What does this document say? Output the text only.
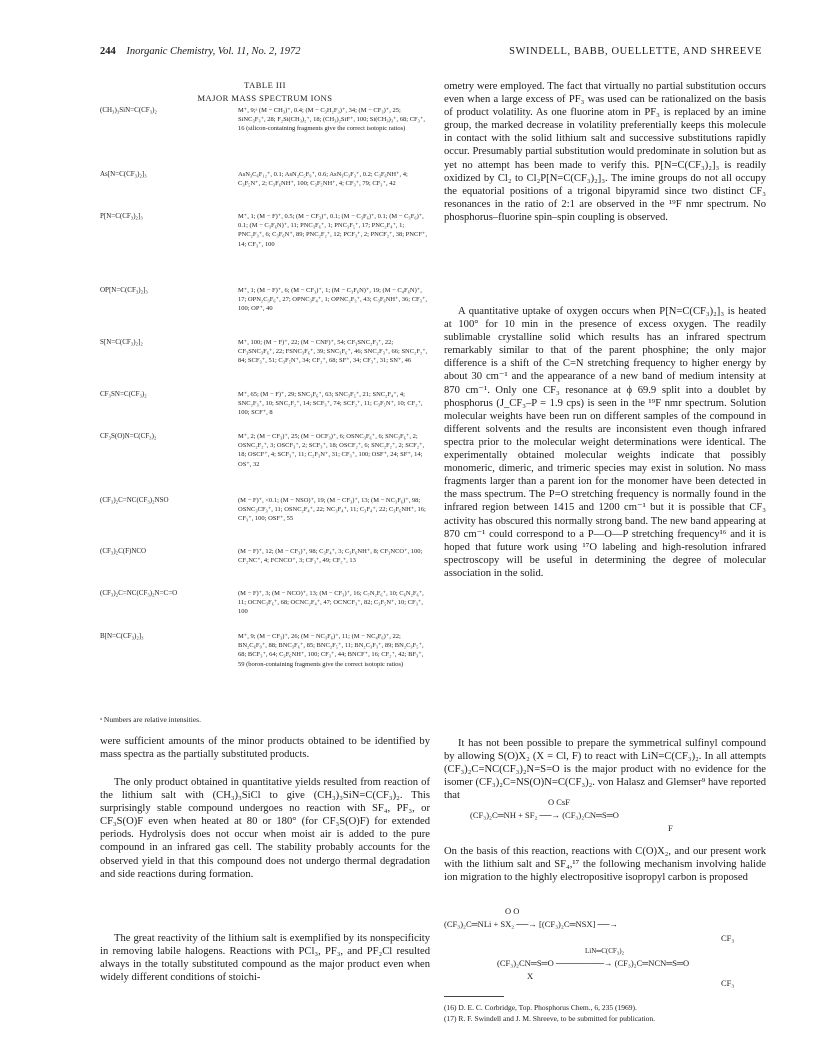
244 Inorganic Chemistry, Vol. 11, No. 2, 1972	SWINDELL, BABB, OUELLETTE, AND SHREEVE
TABLE III
MAJOR MASS SPECTRUM IONS
(CH₃)₃SiN=C(CF₃)₂	M⁺, 9;ᵃ (M − CH₃)⁺, 0.4; (M − C₃H₂F₃)⁺, 34; (M − CF₃)⁺, 25; SiNC₃F₃⁺, 28; F₂Si(CH₃)₂⁺, 18; (CH₃)₂SiF⁺, 100; Si(CH₃)₃⁺, 68; CF₃⁺, 16 (silicon-containing fragments give the correct isotopic ratios)
As[N=C(CF₃)₂]₃	AsN₃C₆F₁₂⁺, 0.1; AsN₂C₅F₉⁺, 0.6; AsN₃C₃F₃⁺, 0.2; C₃F₆NH⁺, 4; C₃F₅N⁺, 2; C₃F₆NH⁺, 100; C₃F₅NH⁺, 4; CF₃⁺, 79; CF₃⁺, 42
P[N=C(CF₃)₂]₃	M⁺, 1; (M − F)⁺, 0.5; (M − CF₃)⁺, 0.1; (M − C₃F₆)⁺, 0.1; (M − C₃F₆)⁺, 0.1; (M − C₃F₆N)⁺, 11; PNC₃F₆⁺, 1; PNC₃F₅⁺, 17; PNC₂F₄⁺, 1; PNC₂F₃⁺, 6; C₃F₆N⁺, 89; PNC₂F₂⁺, 12; PCF₃⁺, 2; PNCF₂⁺, 38; PNCF⁺, 14; CF₃⁺, 100
OP[N=C(CF₃)₂]₃	M⁺, 1; (M − F)⁺, 6; (M − CF₃)⁺, 1; (M − C₃F₆N)⁺, 19; (M − C₄F₆N)⁺, 17; OPN₂C₃F₆⁺, 27; OPNC₃F₄⁺, 1; OPNC₂F₃⁺, 43; C₃F₆NH⁺, 36; CF₃⁺, 100; OP⁺, 40
S[N=C(CF₃)₂]₂	M⁺, 100; (M − F)⁺, 22; (M − CNF)⁺, 54; CF₃SNC₂F₃⁺, 22; CF₃SNC₃F₆⁺, 22; FSNC₃F₆⁺, 39; SNC₃F₆⁺, 46; SNC₂F₃⁺, 66; SNC₂F₂⁺, 84; SCF₃⁺, 51; C₃F₅N⁺, 34; CF₂⁺, 68; SF⁺, 34; CF₃⁺, 31; SN⁺, 46
CF₃SN=C(CF₃)₂	M⁺, 65; (M − F)⁺, 29; SNC₃F₆⁺, 63; SNC₃F₅⁺, 21; SNC₂F₄⁺, 4; SNC₂F₃⁺, 10; SNC₂F₂⁺, 14; SCF₃⁺, 74; SCF₂⁺, 11; C₃F₅N⁺, 10; CF₂⁺, 100; SCF⁺, 8
CF₃S(O)N=C(CF₃)₂	M⁺, 2; (M − CF₃)⁺, 25; (M − OCF₃)⁺, 6; OSNC₃F₆⁺, 6; SNC₃F₆⁺, 2; OSNC₂F₂⁺, 3; OSCF₃⁺, 2; SCF₃⁺, 18; OSCF₂⁺, 6; SNC₂F₂⁺, 2; SCF₂⁺, 18; OSCF⁺, 4; SCF₃⁺, 11; C₂F₃N⁺, 31; CF₃⁺, 100; OSF⁺, 24; SF⁺, 14; OS⁺, 32
(CF₃)₂C=NC(CF₃)₂NSO	(M − F)⁺, <0.1; (M − NSO)⁺, 19; (M − CF₃)⁺, 13; (M − NC₃F₆)⁺, 98; OSNC₃CF₃⁺, 11; OSNC₂F₄⁺, 22; NC₃F₄⁺, 11; C₃F₄⁺, 22; C₃F₆NH⁺, 16; CF₃⁺, 100; OSF⁺, 55
(CF₃)₂C(F)NCO	(M − F)⁺, 12; (M − CF₃)⁺, 98; C₃F₄⁺, 3; C₃F₆NH⁺, 8; CF₃NCO⁺, 100; CF₂NC⁺, 4; FCNCO⁺, 3; CF₃⁺, 49; CF₂⁺, 13
(CF₃)₂C=NC(CF₃)₂N=C=O	(M − F)⁺, 3; (M − NCO)⁺, 13; (M − CF₃)⁺, 16; C₇N₂F₆⁺, 10; C₆N₂F₆⁺, 11; OCNC₃F₆⁺, 68; OCNC₂F₄⁺, 47; OCNCF₃⁺, 82; C₃F₅N⁺, 10; CF₃⁺, 100
B[N=C(CF₃)₂]₃	M⁺, 9; (M − CF₃)⁺, 26; (M − NC₃F₆)⁺, 11; (M − NC₄F₆)⁺, 22; BN₂C₆F₉⁺, 88; BNC₃F₆⁺, 85; BNC₂F₅⁺, 11; BN₂C₃F₃⁺, 89; BN₂C₃F₅⁺, 68; BCF₃⁺, 64; C₃F₆NH⁺, 100; CF₃⁺, 44; BNCF⁺, 16; CF₂⁺, 42; BF₃⁺, 59 (boron-containing fragments give the correct isotopic ratios)
ᵃ Numbers are relative intensities.

were sufficient amounts of the minor products obtained to be identified by mass spectra as the partially substituted products.

The only product obtained in quantitative yields resulted from reaction of the lithium salt with (CH₃)₃SiCl to give (CH₃)₃SiN=C(CF₃)₂. This surprisingly stable compound undergoes no reaction with SF₄, PF₃, or CF₃S(O)F even when heated at 80 or 180° (for CF₃S(O)F) for extended periods. Hydrolysis does not occur when moist air is added to the pure compound in an infrared gas cell. The stability probably accounts for the observed yield in that this compound does not undergo thermal degradation and side reactions during formation.

The great reactivity of the lithium salt is exemplified by its nonspecificity in removing labile halogens. Reactions with PCl₃, PF₃, and PF₂Cl resulted always in the totally substituted compound as the major product even when widely different conditions of stoichi-

ometry were employed. The fact that virtually no partial substitution occurs even when a large excess of PF₃ was used can be rationalized on the basis of product volatility. As one fluorine atom in PF₃ is replaced by an imine group, the marked decrease in volatility preferentially keeps this molecule in contact with the solid lithium salt and successive substitutions rapidly occur. Presumably partial substitution would predominate in solution but as yet no attempt has been made to verify this. P[N=C(CF₃)₂]₃ is readily oxidized by Cl₂ to Cl₂P[N=C(CF₃)₂]₃. The imine groups do not all occupy the equatorial positions of a trigonal bipyramid since two distinct CF₃ resonances in the ratio of 2:1 are observed in the ¹⁹F nmr spectrum. No phosphorus–fluorine spin–spin coupling is observed.

A quantitative uptake of oxygen occurs when P[N=C(CF₃)₂]₃ is heated at 100° for 10 min in the presence of excess oxygen. The readily sublimable crystalline solid which results has an infrared spectrum remarkably similar to that of the parent phosphine; the only major difference is a shift of the C=N stretching frequency to higher energy by about 30 cm⁻¹ and the appearance of a new band of medium intensity at 870 cm⁻¹. Only one CF₃ resonance at ϕ 69.9 split into a doublet by phosphorus (J_CF₃–P = 1.9 cps) is seen in the ¹⁹F nmr spectrum. Solution molecular weights have been run on different samples of the compound in different solvents and the results are inconsistent even though infrared spectra prior to the molecular weight determinations were identical. The experimentally obtained molecular weights indicate that possibly monomeric, dimeric, and trimeric species may exist in solution. No mass fragments larger than a parent ion for the monomer have been detected in the mass spectrum. The P=O stretching frequency is normally found in the infrared region between 1415 and 1200 cm⁻¹ but it is possible that CF₃ activity has obscured this normally strong band. The new band appearing at 870 cm⁻¹ could correspond to a P—O—P stretching frequency¹⁶ and it is hoped that future work using ¹⁷O labeling and high-resolution infrared spectroscopy will be useful in determining the degree of molecular association in the solid.

It has not been possible to prepare the symmetrical sulfinyl compound by allowing S(O)X₂ (X = Cl, F) to react with LiN=C(CF₃)₂. In all attempts (CF₃)₂C=NC(CF₃)₂N=S=O is the major product with no evidence for the isomer (CF₃)₂C=NS(O)N=C(CF₃)₂. von Halasz and Glemser⁹ have reported that

O CsF
(CF₃)₂C═NH + SF₂ ──→ (CF₃)₂CN═S═O
F

On the basis of this reaction, reactions with C(O)X₂, and our present work with the lithium salt and SF₄,¹⁷ the following mechanism involving halide ion migration to the highly electropositive isopropyl carbon is proposed

O O
(CF₃)₂C═NLi + SX₂ ──→ [(CF₃)₂C═NSX] ──→
CF₃
LiN═C(CF₃)₂
(CF₃)₂CN═S═O ────────→ (CF₃)₂C═NCN═S═O
X
CF₃
(16) D. E. C. Corbridge, Top. Phosphorus Chem., 6, 235 (1969).
(17) R. F. Swindell and J. M. Shreeve, to be submitted for publication.
